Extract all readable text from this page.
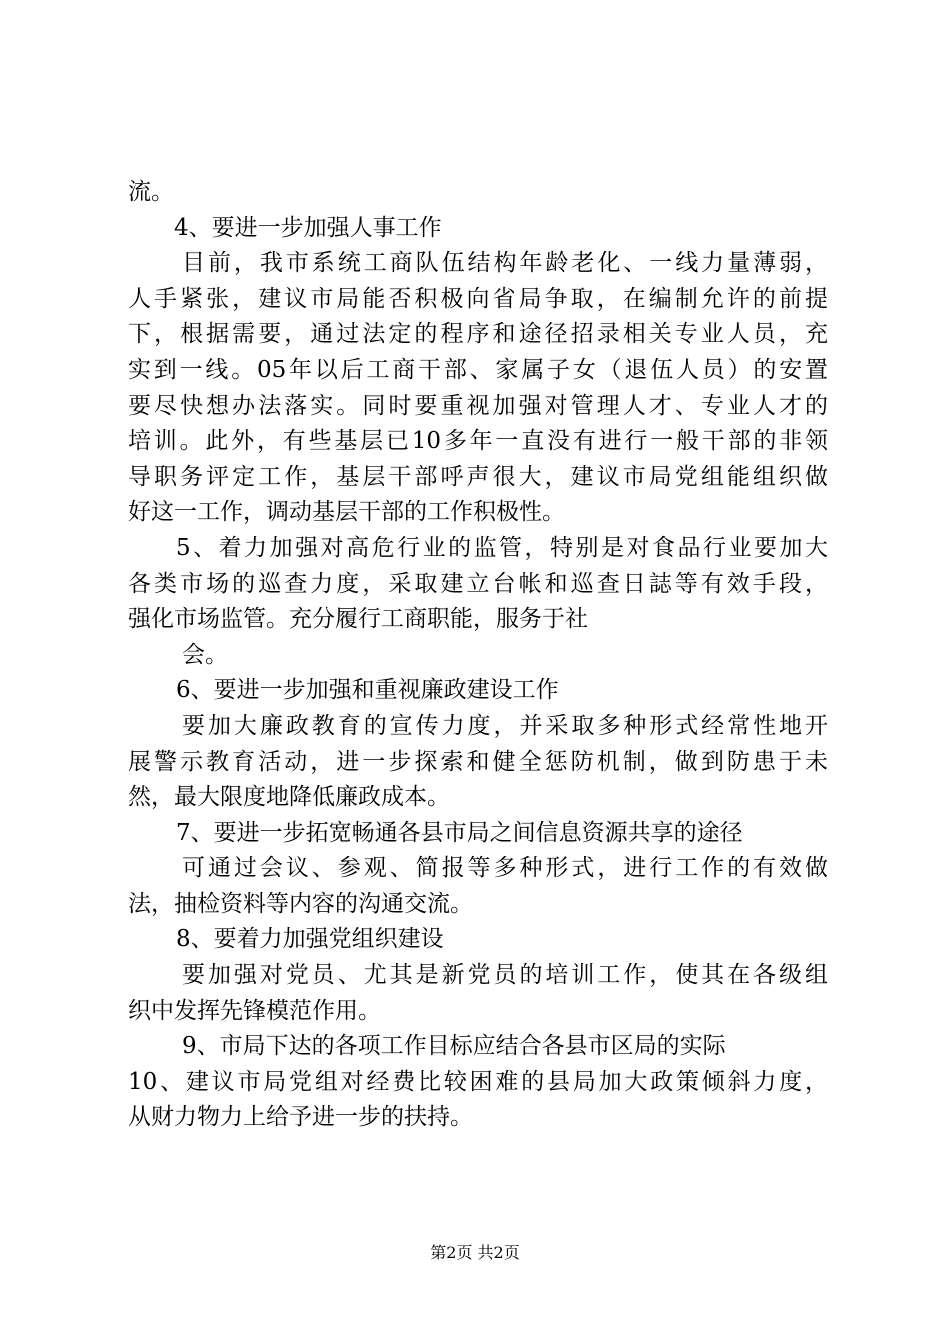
流。
4、要进一步加强人事工作
目前，我市系统工商队伍结构年龄老化、一线力量薄弱，
人手紧张，建议市局能否积极向省局争取，在编制允许的前提
下，根据需要，通过法定的程序和途径招录相关专业人员，充
实到一线。05年以后工商干部、家属子女（退伍人员）的安置
要尽快想办法落实。同时要重视加强对管理人才、专业人才的
培训。此外，有些基层已10多年一直没有进行一般干部的非领
导职务评定工作，基层干部呼声很大，建议市局党组能组织做
好这一工作，调动基层干部的工作积极性。
5、着力加强对高危行业的监管，特别是对食品行业要加大
各类市场的巡查力度，采取建立台帐和巡查日誌等有效手段，
强化市场监管。充分履行工商职能，服务于社
会。
6、要进一步加强和重视廉政建设工作
要加大廉政教育的宣传力度，并采取多种形式经常性地开
展警示教育活动，进一步探索和健全惩防机制，做到防患于未
然，最大限度地降低廉政成本。
7、要进一步拓宽畅通各县市局之间信息资源共享的途径
可通过会议、参观、简报等多种形式，进行工作的有效做
法，抽检资料等内容的沟通交流。
8、要着力加强党组织建设
要加强对党员、尤其是新党员的培训工作，使其在各级组
织中发挥先锋模范作用。
9、市局下达的各项工作目标应结合各县市区局的实际
10、建议市局党组对经费比较困难的县局加大政策倾斜力度，
从财力物力上给予进一步的扶持。
第2页 共2页
